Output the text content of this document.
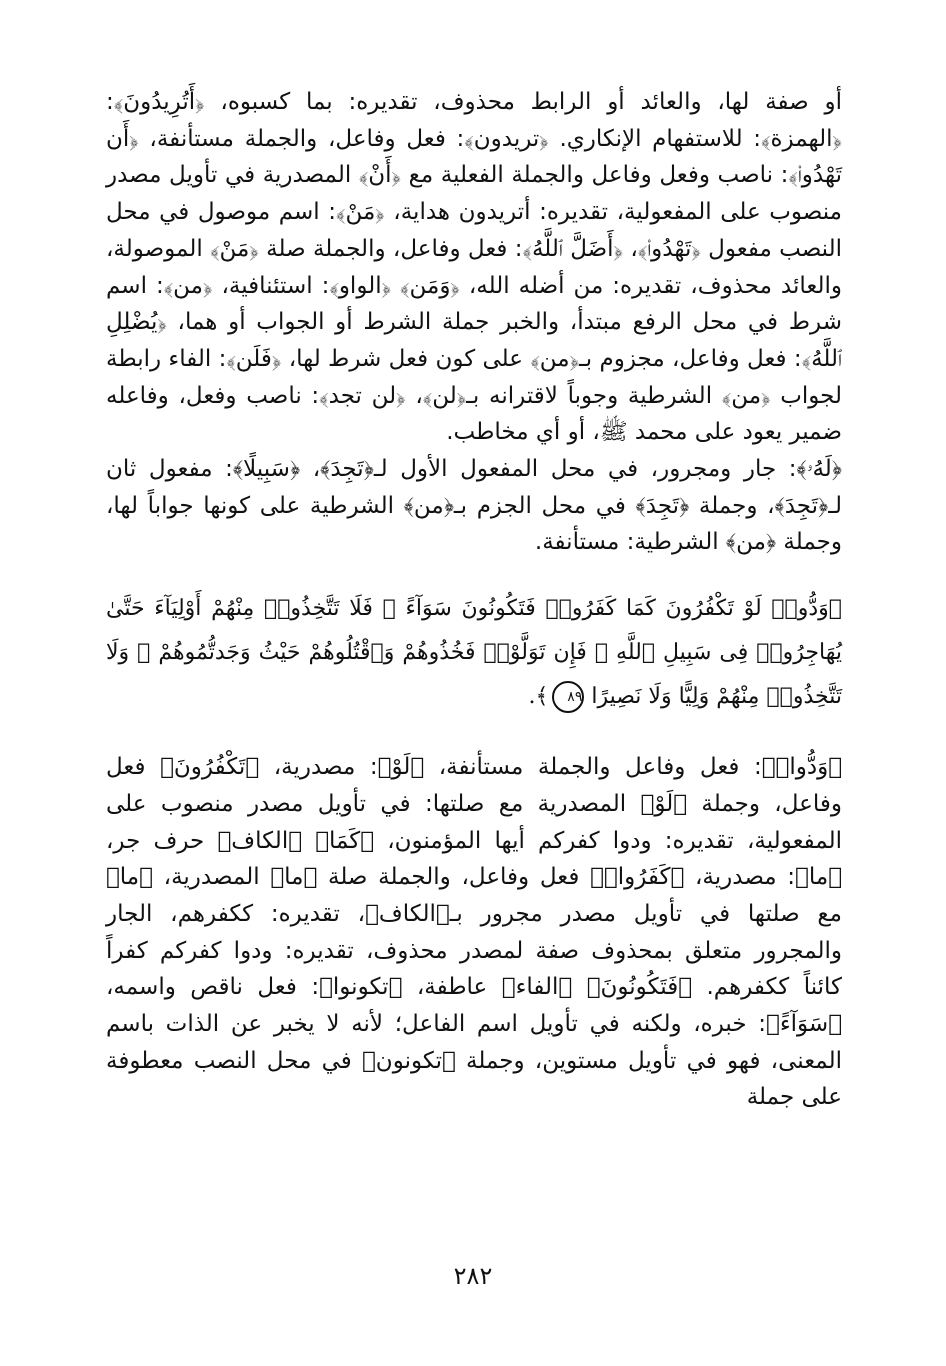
أو صفة لها، والعائد أو الرابط محذوف، تقديره: بما كسبوه، ﴿أَتُرِيدُونَ﴾: ﴿الهمزة﴾: للاستفهام الإنكاري. ﴿تريدون﴾: فعل وفاعل، والجملة مستأنفة، ﴿أَن تَهْدُوا۟﴾: ناصب وفعل وفاعل والجملة الفعلية مع ﴿أَنْ﴾ المصدرية في تأويل مصدر منصوب على المفعولية، تقديره: أتريدون هداية، ﴿مَنْ﴾: اسم موصول في محل النصب مفعول ﴿تَهْدُوا۟﴾، ﴿أَضَلَّ ٱللَّهُ﴾: فعل وفاعل، والجملة صلة ﴿مَنْ﴾ الموصولة، والعائد محذوف، تقديره: من أضله الله، ﴿وَمَن﴾ ﴿الواو﴾: استئنافية، ﴿من﴾: اسم شرط في محل الرفع مبتدأ، والخبر جملة الشرط أو الجواب أو هما، ﴿يُضْلِلِ ٱللَّهُ﴾: فعل وفاعل، مجزوم بـ﴿من﴾ على كون فعل شرط لها، ﴿فَلَن﴾: الفاء رابطة لجواب ﴿من﴾ الشرطية وجوباً لاقترانه بـ﴿لن﴾، ﴿لن تجد﴾: ناصب وفعل، وفاعله ضمير يعود على محمد ﷺ، أو أي مخاطب.

﴿لَهُۥ﴾: جار ومجرور، في محل المفعول الأول لـ﴿تَجِدَ﴾، ﴿سَبِيلًا﴾: مفعول ثان لـ﴿تَجِدَ﴾، وجملة ﴿تَجِدَ﴾ في محل الجزم بـ﴿من﴾ الشرطية على كونها جواباً لها، وجملة ﴿من﴾ الشرطية: مستأنفة.

﴿وَدُّوا۟ لَوْ تَكْفُرُونَ كَمَا كَفَرُوا۟ فَتَكُونُونَ سَوَآءً ۖ فَلَا تَتَّخِذُوا۟ مِنْهُمْ أَوْلِيَآءَ حَتَّىٰ يُهَاجِرُوا۟ فِى سَبِيلِ ٱللَّهِ ۚ فَإِن تَوَلَّوْا۟ فَخُذُوهُمْ وَٱقْتُلُوهُمْ حَيْثُ وَجَدتُّمُوهُمْ ۖ وَلَا تَتَّخِذُوا۟ مِنْهُمْ وَلِيًّا وَلَا نَصِيرًا ٨٩﴾.

﴿وَدُّوا۟﴾: فعل وفاعل والجملة مستأنفة، ﴿لَوْ﴾: مصدرية، ﴿تَكْفُرُونَ﴾ فعل وفاعل، وجملة ﴿لَوْ﴾ المصدرية مع صلتها: في تأويل مصدر منصوب على المفعولية، تقديره: ودوا كفركم أيها المؤمنون، ﴿كَمَا﴾ ﴿الكاف﴾ حرف جر، ﴿ما﴾: مصدرية، ﴿كَفَرُوا۟﴾ فعل وفاعل، والجملة صلة ﴿ما﴾ المصدرية، ﴿ما﴾ مع صلتها في تأويل مصدر مجرور بـ﴿الكاف﴾، تقديره: ككفرهم، الجار والمجرور متعلق بمحذوف صفة لمصدر محذوف، تقديره: ودوا كفركم كفراً كائناً ككفرهم. ﴿فَتَكُونُونَ﴾ ﴿الفاء﴾ عاطفة، ﴿تكونوا﴾: فعل ناقص واسمه، ﴿سَوَآءً﴾: خبره، ولكنه في تأويل اسم الفاعل؛ لأنه لا يخبر عن الذات باسم المعنى، فهو في تأويل مستوين، وجملة ﴿تكونون﴾ في محل النصب معطوفة على جملة

٢٨٢
